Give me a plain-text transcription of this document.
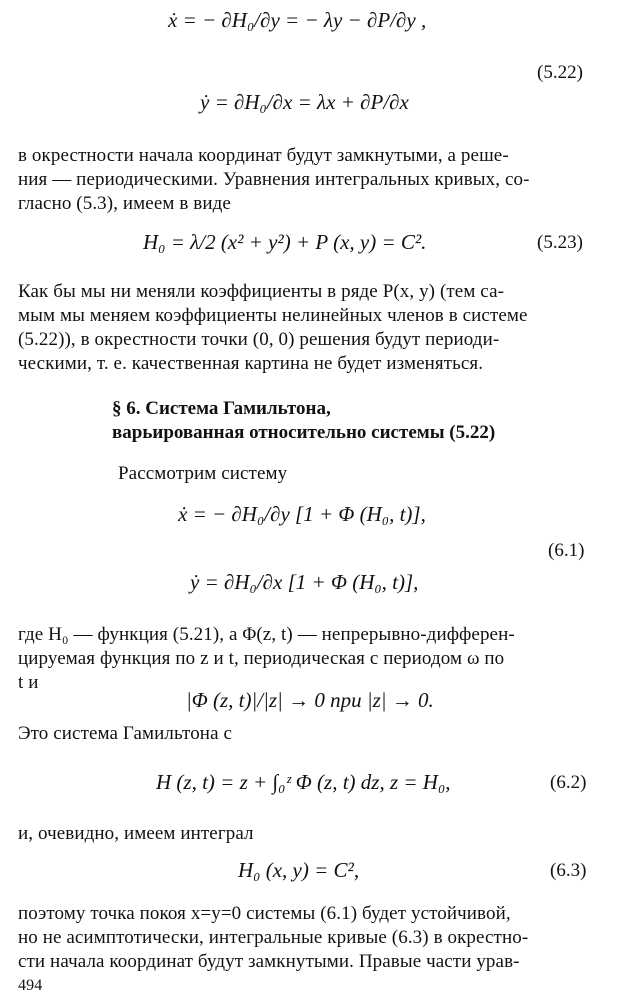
ẋ = − ∂H₀/∂y = − λy − ∂P/∂y ,
ẏ = ∂H₀/∂x = λx + ∂P/∂x
(5.22)
в окрестности начала координат будут замкнутыми, а реше-
ния — периодическими. Уравнения интегральных кривых, со-
гласно (5.3), имеем в виде
H₀ = λ/2 (x² + y²) + P (x, y) = C².	(5.23)
Как бы мы ни меняли коэффициенты в ряде P(x, y) (тем са-
мым мы меняем коэффициенты нелинейных членов в системе
(5.22)), в окрестности точки (0, 0) решения будут периоди-
ческими, т. е. качественная картина не будет изменяться.
§ 6. Система Гамильтона,
варьированная относительно системы (5.22)
Рассмотрим систему
ẋ = − ∂H₀/∂y [1 + Φ (H₀, t)],
ẏ = ∂H₀/∂x [1 + Φ (H₀, t)],
(6.1)
где H₀ — функция (5.21), а Φ(z, t) — непрерывно-дифферен-
цируемая функция по z и t, периодическая с периодом ω по
t и
|Φ (z, t)|/|z| → 0 при |z| → 0.
Это система Гамильтона с
H (z, t) = z + ∫₀ᶻ Φ (z, t) dz, z = H₀,	(6.2)
и, очевидно, имеем интеграл
H₀ (x, y) = C²,	(6.3)
поэтому точка покоя x=y=0 системы (6.1) будет устойчивой,
но не асимптотически, интегральные кривые (6.3) в окрестно-
сти начала координат будут замкнутыми. Правые части урав-
494
